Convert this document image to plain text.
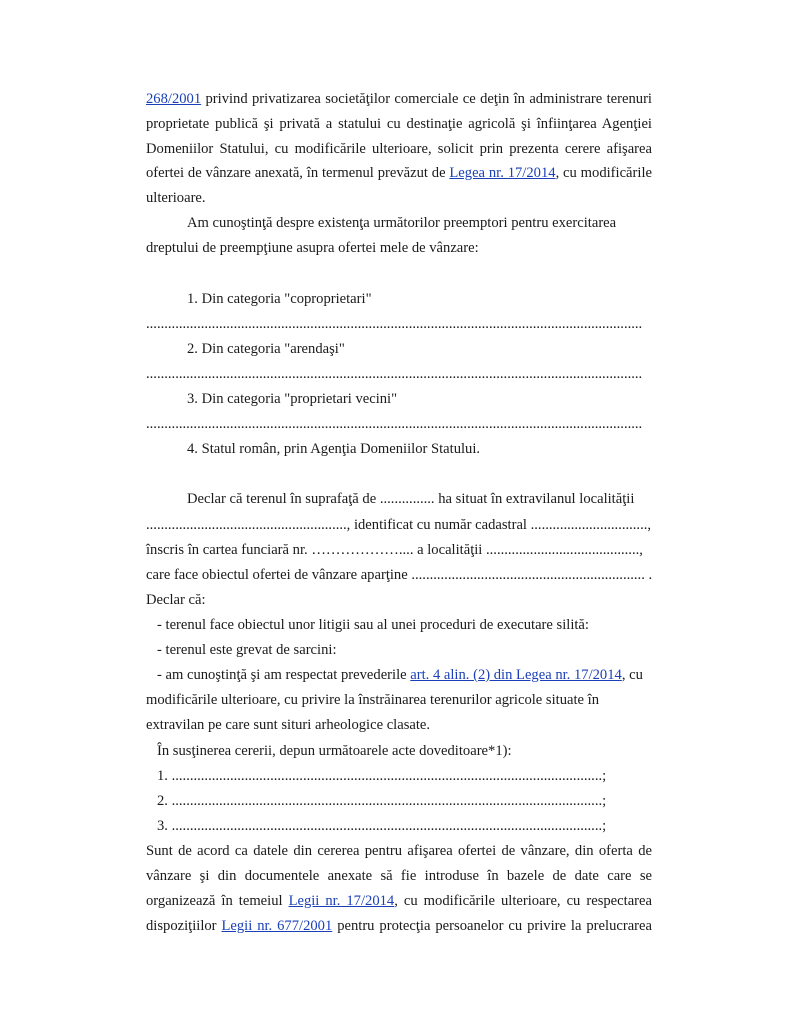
268/2001 privind privatizarea societăţilor comerciale ce deţin în administrare terenuri
proprietate publică şi privată a statului cu destinaţie agricolă şi înfiinţarea Agenţiei
Domeniilor Statului, cu modificările ulterioare, solicit prin prezenta cerere afişarea
ofertei de vânzare anexată, în termenul prevăzut de Legea nr. 17/2014, cu modificările
ulterioare.
Am cunoştinţă despre existenţa următorilor preemptori pentru exercitarea
dreptului de preempţiune asupra ofertei mele de vânzare:
1. Din categoria "coproprietari"
........................................................................................................................................
2. Din categoria "arendaşi"
........................................................................................................................................
3. Din categoria "proprietari vecini"
........................................................................................................................................
4. Statul român, prin Agenţia Domeniilor Statului.
Declar că terenul în suprafaţă de ............... ha situat în extravilanul localităţii
......................................................., identificat cu număr cadastral ................................,
înscris în cartea funciară nr. ……………….... a localităţii ..........................................,
care face obiectul ofertei de vânzare aparţine ................................................................ .
Declar că:
- terenul face obiectul unor litigii sau al unei proceduri de executare silită:
- terenul este grevat de sarcini:
- am cunoştinţă şi am respectat prevederile art. 4 alin. (2) din Legea nr. 17/2014, cu
modificările ulterioare, cu privire la înstrăinarea terenurilor agricole situate în
extravilan pe care sunt situri arheologice clasate.
În susţinerea cererii, depun următoarele acte doveditoare*1):
1. ......................................................................................................................;
2. ......................................................................................................................;
3. ......................................................................................................................;
Sunt de acord ca datele din cererea pentru afişarea ofertei de vânzare, din oferta de
vânzare şi din documentele anexate să fie introduse în bazele de date care se
organizează în temeiul Legii nr. 17/2014, cu modificările ulterioare, cu respectarea
dispoziţiilor Legii nr. 677/2001 pentru protecţia persoanelor cu privire la prelucrarea
